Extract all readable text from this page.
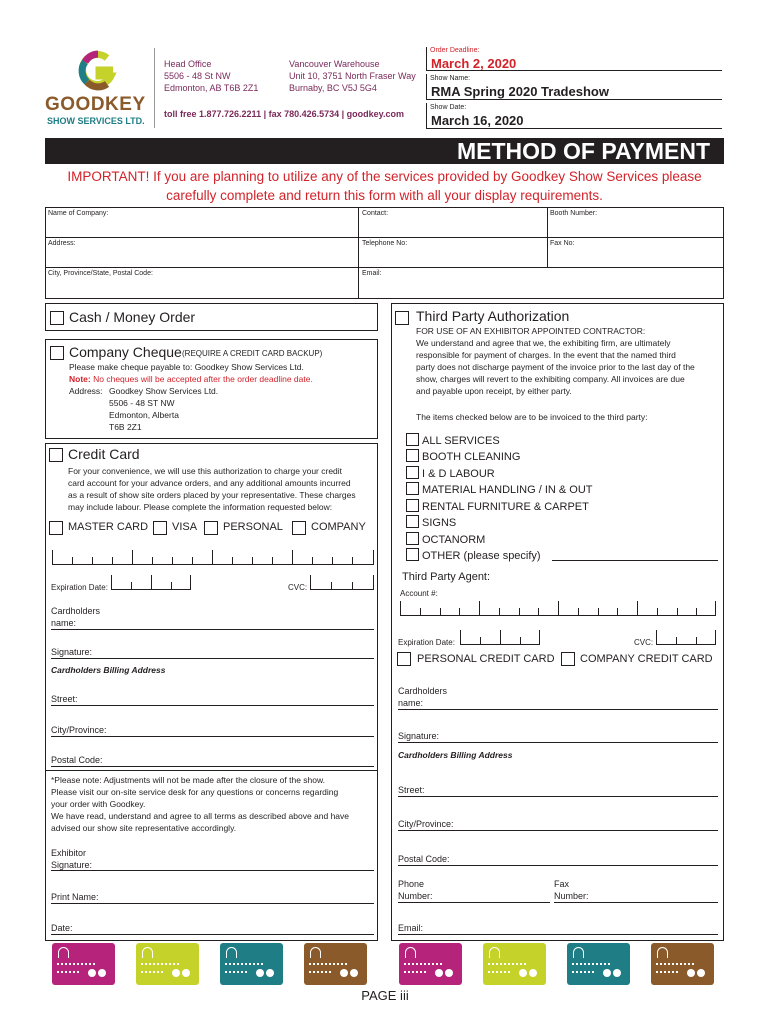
GOODKEY
SHOW SERVICES LTD.
Head Office
5506 - 48 St NW
Edmonton, AB T6B 2Z1
Vancouver Warehouse
Unit 10, 3751 North Fraser Way
Burnaby, BC V5J 5G4
toll free 1.877.726.2211 | fax 780.426.5734 | goodkey.com
Order Deadline:
March 2, 2020
Show Name:
RMA Spring 2020 Tradeshow
Show Date:
March 16, 2020
METHOD OF PAYMENT
IMPORTANT! If you are planning to utilize any of the services provided by Goodkey Show Services please
carefully complete and return this form with all your display requirements.
Name of Company:	Contact:	Booth Number:
Address:	Telephone No:	Fax No:
City, Province/State, Postal Code:	Email:
Cash / Money Order
Company Cheque (REQUIRE A CREDIT CARD BACKUP)
Please make cheque payable to: Goodkey Show Services Ltd.
Note: No cheques will be accepted after the order deadline date.
Address: Goodkey Show Services Ltd.
5506 - 48 ST NW
Edmonton, Alberta
T6B 2Z1
Credit Card
For your convenience, we will use this authorization to charge your credit
card account for your advance orders, and any additional amounts incurred
as a result of show site orders placed by your representative. These charges
may include labour. Please complete the information requested below:
MASTER CARD VISA PERSONAL	COMPANY
Expiration Date:	CVC:
Cardholders
name:
Signature:
Cardholders Billing Address
Street:
City/Province:
Postal Code:
*Please note: Adjustments will not be made after the closure of the show.
Please visit our on-site service desk for any questions or concerns regarding
your order with Goodkey.
We have read, understand and agree to all terms as described above and have
advised our show site representative accordingly.
Exhibitor
Signature:
Print Name:
Date:
Third Party Authorization
FOR USE OF AN EXHIBITOR APPOINTED CONTRACTOR:
We understand and agree that we, the exhibiting firm, are ultimately
responsible for payment of charges. In the event that the named third
party does not discharge payment of the invoice prior to the last day of the
show, charges will revert to the exhibiting company. All invoices are due
and payable upon receipt, by either party.
The items checked below are to be invoiced to the third party:
ALL SERVICES
BOOTH CLEANING
I & D LABOUR
MATERIAL HANDLING / IN & OUT
RENTAL FURNITURE & CARPET
SIGNS
OCTANORM
OTHER (please specify)
Third Party Agent:
Account #:
Expiration Date:	CVC:
PERSONAL CREDIT CARD COMPANY CREDIT CARD
Cardholders
name:
Signature:
Cardholders Billing Address
Street:
City/Province:
Postal Code:
Phone
Number:
Fax
Number:
Email:
PAGE iii
